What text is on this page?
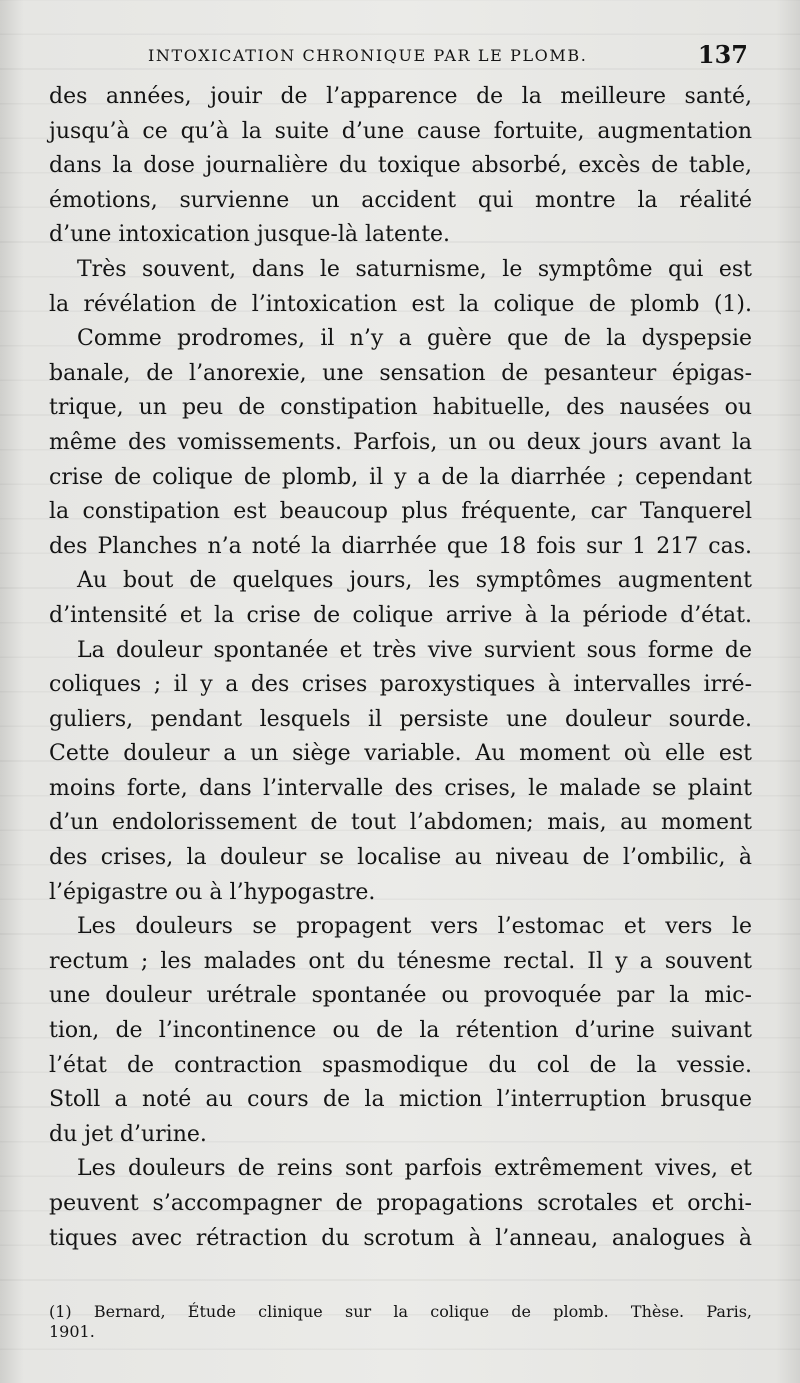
INTOXICATION CHRONIQUE PAR LE PLOMB.	137
des années, jouir de l’apparence de la meilleure santé,
jusqu’à ce qu’à la suite d’une cause fortuite, augmentation
dans la dose journalière du toxique absorbé, excès de table,
émotions, survienne un accident qui montre la réalité
d’une intoxication jusque-là latente.
Très souvent, dans le saturnisme, le symptôme qui est
la révélation de l’intoxication est la colique de plomb (1).
Comme prodromes, il n’y a guère que de la dyspepsie
banale, de l’anorexie, une sensation de pesanteur épigas-
trique, un peu de constipation habituelle, des nausées ou
même des vomissements. Parfois, un ou deux jours avant la
crise de colique de plomb, il y a de la diarrhée ; cependant
la constipation est beaucoup plus fréquente, car Tanquerel
des Planches n’a noté la diarrhée que 18 fois sur 1 217 cas.
Au bout de quelques jours, les symptômes augmentent
d’intensité et la crise de colique arrive à la période d’état.
La douleur spontanée et très vive survient sous forme de
coliques ; il y a des crises paroxystiques à intervalles irré-
guliers, pendant lesquels il persiste une douleur sourde.
Cette douleur a un siège variable. Au moment où elle est
moins forte, dans l’intervalle des crises, le malade se plaint
d’un endolorissement de tout l’abdomen; mais, au moment
des crises, la douleur se localise au niveau de l’ombilic, à
l’épigastre ou à l’hypogastre.
Les douleurs se propagent vers l’estomac et vers le
rectum ; les malades ont du ténesme rectal. Il y a souvent
une douleur urétrale spontanée ou provoquée par la mic-
tion, de l’incontinence ou de la rétention d’urine suivant
l’état de contraction spasmodique du col de la vessie.
Stoll a noté au cours de la miction l’interruption brusque
du jet d’urine.
Les douleurs de reins sont parfois extrêmement vives, et
peuvent s’accompagner de propagations scrotales et orchi-
tiques avec rétraction du scrotum à l’anneau, analogues à
(1) Bernard, Étude clinique sur la colique de plomb. Thèse. Paris,
1901.
